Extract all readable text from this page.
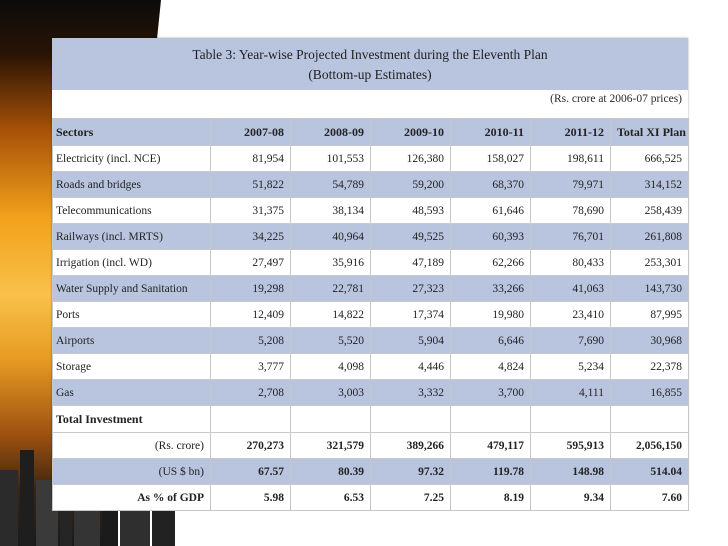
Table 3: Year-wise Projected Investment during the Eleventh Plan
(Bottom-up Estimates)
(Rs. crore at 2006-07 prices)
Sectors	2007-08	2008-09	2009-10	2010-11	2011-12	Total XI Plan
Electricity (incl. NCE)	81,954	101,553	126,380	158,027	198,611	666,525
Roads and bridges	51,822	54,789	59,200	68,370	79,971	314,152
Telecommunications	31,375	38,134	48,593	61,646	78,690	258,439
Railways (incl. MRTS)	34,225	40,964	49,525	60,393	76,701	261,808
Irrigation (incl. WD)	27,497	35,916	47,189	62,266	80,433	253,301
Water Supply and Sanitation	19,298	22,781	27,323	33,266	41,063	143,730
Ports	12,409	14,822	17,374	19,980	23,410	87,995
Airports	5,208	5,520	5,904	6,646	7,690	30,968
Storage	3,777	4,098	4,446	4,824	5,234	22,378
Gas	2,708	3,003	3,332	3,700	4,111	16,855
Total Investment						
(Rs. crore)	270,273	321,579	389,266	479,117	595,913	2,056,150
(US $ bn)	67.57	80.39	97.32	119.78	148.98	514.04
As % of GDP	5.98	6.53	7.25	8.19	9.34	7.60
